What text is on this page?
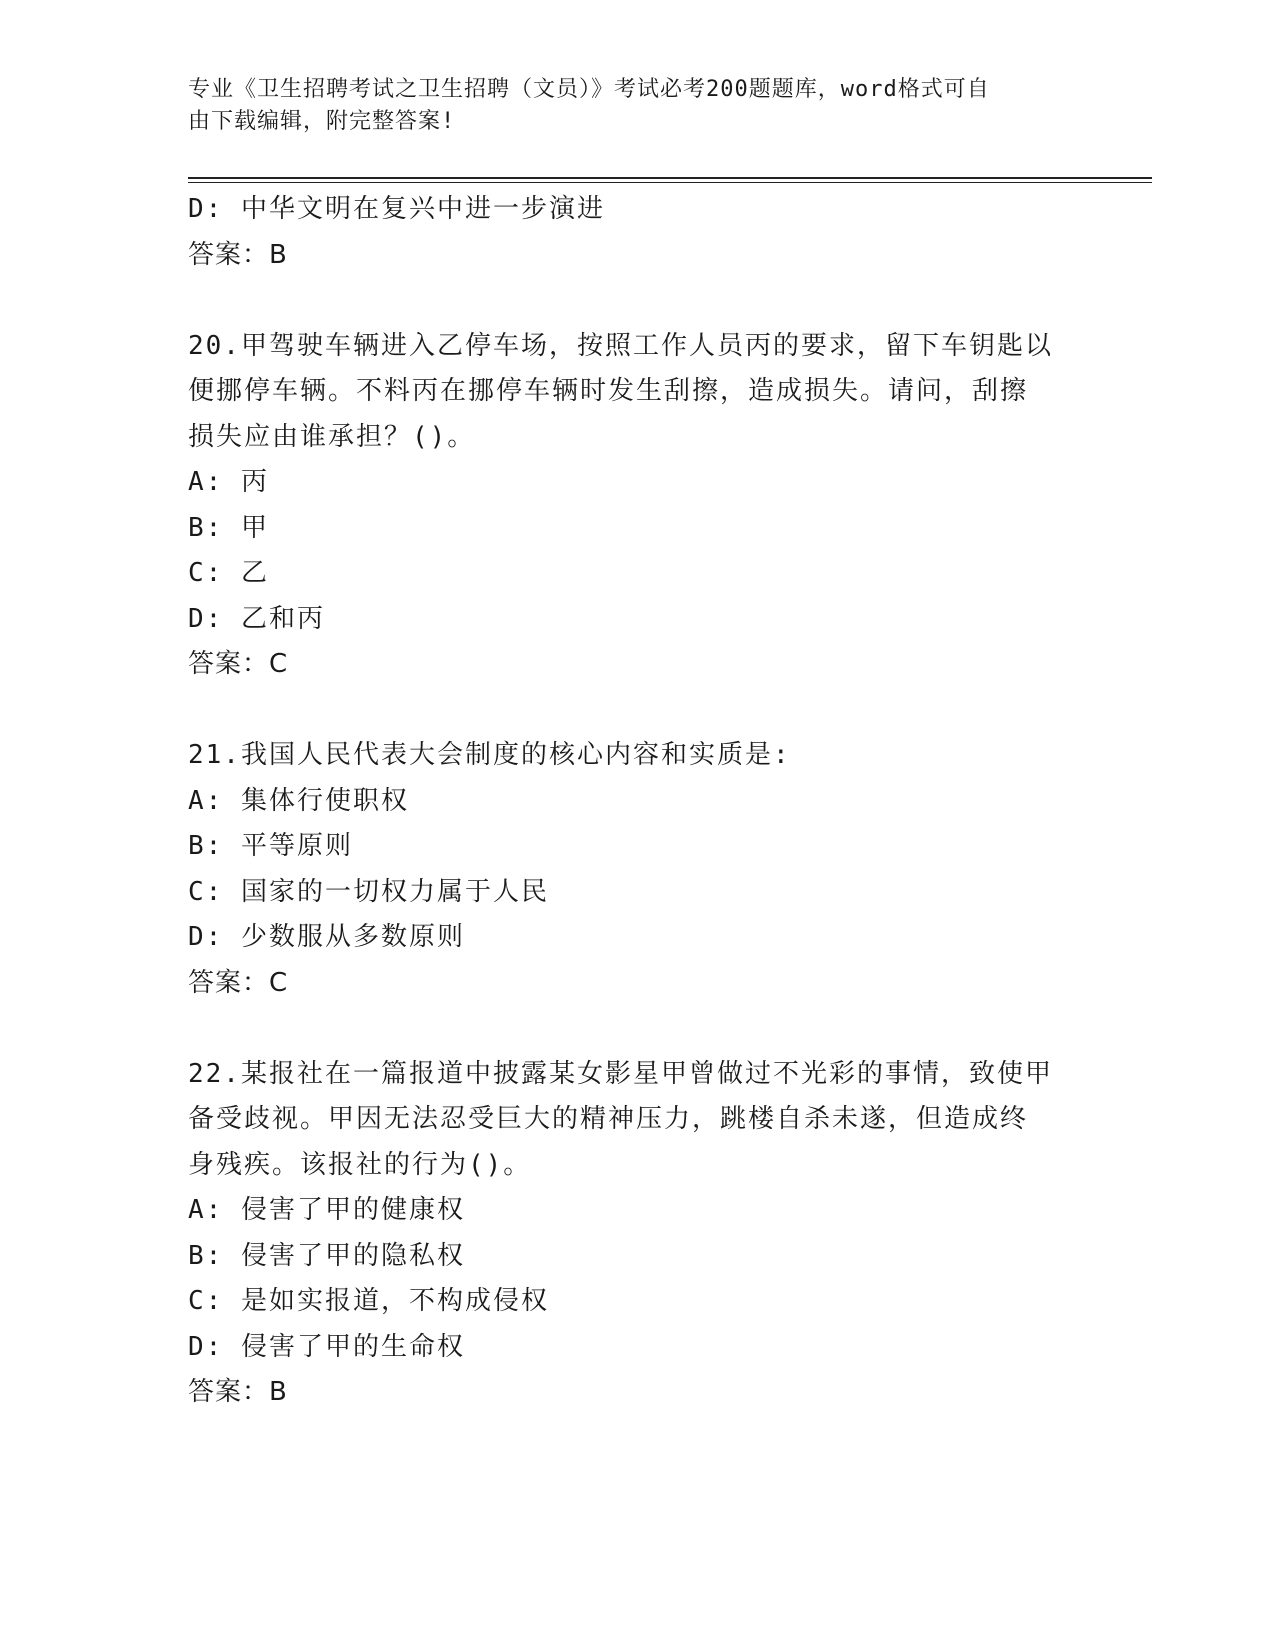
专业《卫生招聘考试之卫生招聘（文员）》考试必考200题题库，word格式可自
由下载编辑，附完整答案!
D: 中华文明在复兴中进一步演进
答案：B
20.甲驾驶车辆进入乙停车场，按照工作人员丙的要求，留下车钥匙以
便挪停车辆。不料丙在挪停车辆时发生刮擦，造成损失。请问，刮擦
损失应由谁承担？()。
A: 丙
B: 甲
C: 乙
D: 乙和丙
答案：C
21.我国人民代表大会制度的核心内容和实质是:
A: 集体行使职权
B: 平等原则
C: 国家的一切权力属于人民
D: 少数服从多数原则
答案：C
22.某报社在一篇报道中披露某女影星甲曾做过不光彩的事情，致使甲
备受歧视。甲因无法忍受巨大的精神压力，跳楼自杀未遂，但造成终
身残疾。该报社的行为()。
A: 侵害了甲的健康权
B: 侵害了甲的隐私权
C: 是如实报道，不构成侵权
D: 侵害了甲的生命权
答案：B
